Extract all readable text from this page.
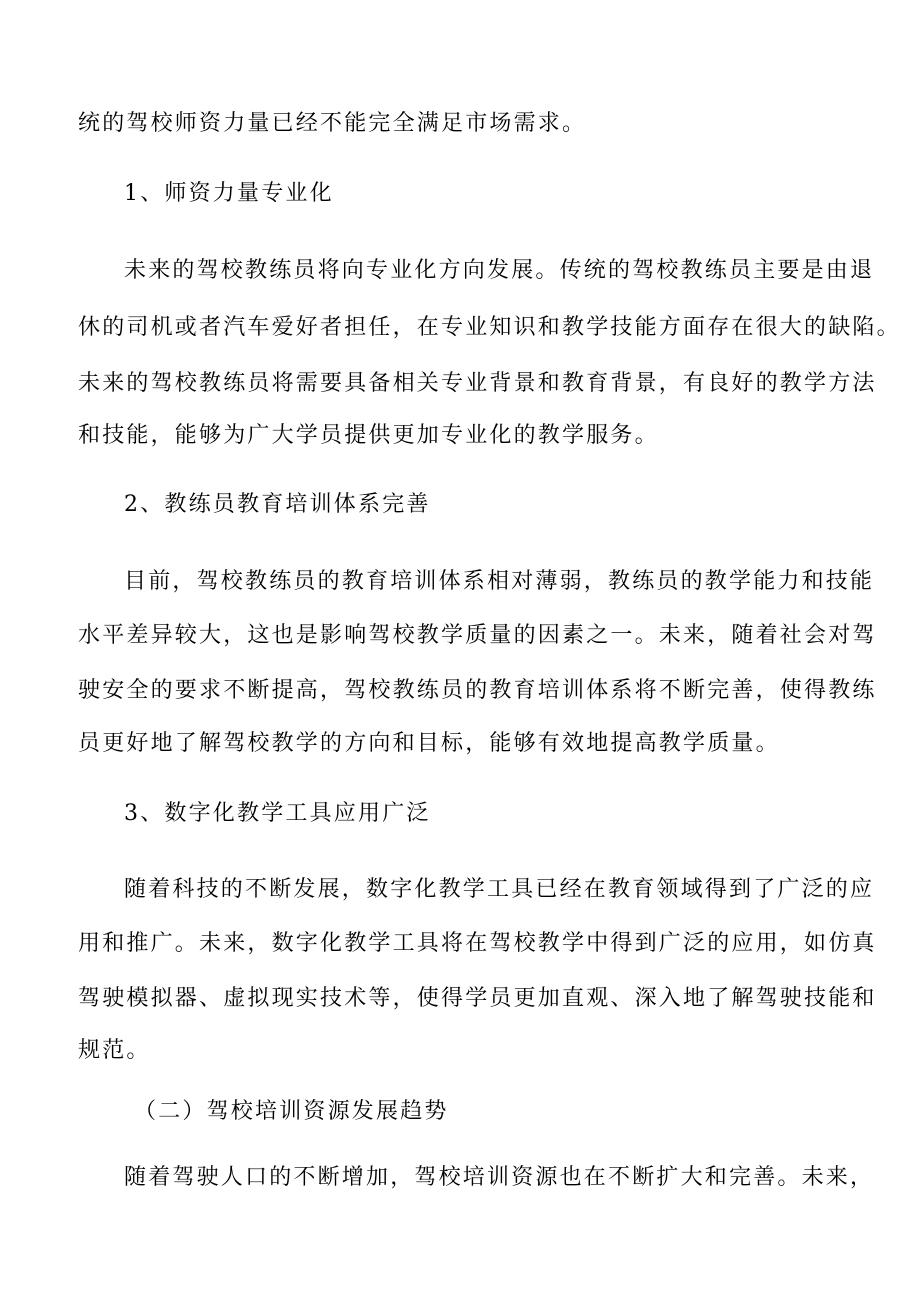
统的驾校师资力量已经不能完全满足市场需求。
1、师资力量专业化
未来的驾校教练员将向专业化方向发展。传统的驾校教练员主要是由退
休的司机或者汽车爱好者担任，在专业知识和教学技能方面存在很大的缺陷。
未来的驾校教练员将需要具备相关专业背景和教育背景，有良好的教学方法
和技能，能够为广大学员提供更加专业化的教学服务。
2、教练员教育培训体系完善
目前，驾校教练员的教育培训体系相对薄弱，教练员的教学能力和技能
水平差异较大，这也是影响驾校教学质量的因素之一。未来，随着社会对驾
驶安全的要求不断提高，驾校教练员的教育培训体系将不断完善，使得教练
员更好地了解驾校教学的方向和目标，能够有效地提高教学质量。
3、数字化教学工具应用广泛
随着科技的不断发展，数字化教学工具已经在教育领域得到了广泛的应
用和推广。未来，数字化教学工具将在驾校教学中得到广泛的应用，如仿真
驾驶模拟器、虚拟现实技术等，使得学员更加直观、深入地了解驾驶技能和
规范。
（二）驾校培训资源发展趋势
随着驾驶人口的不断增加，驾校培训资源也在不断扩大和完善。未来，
